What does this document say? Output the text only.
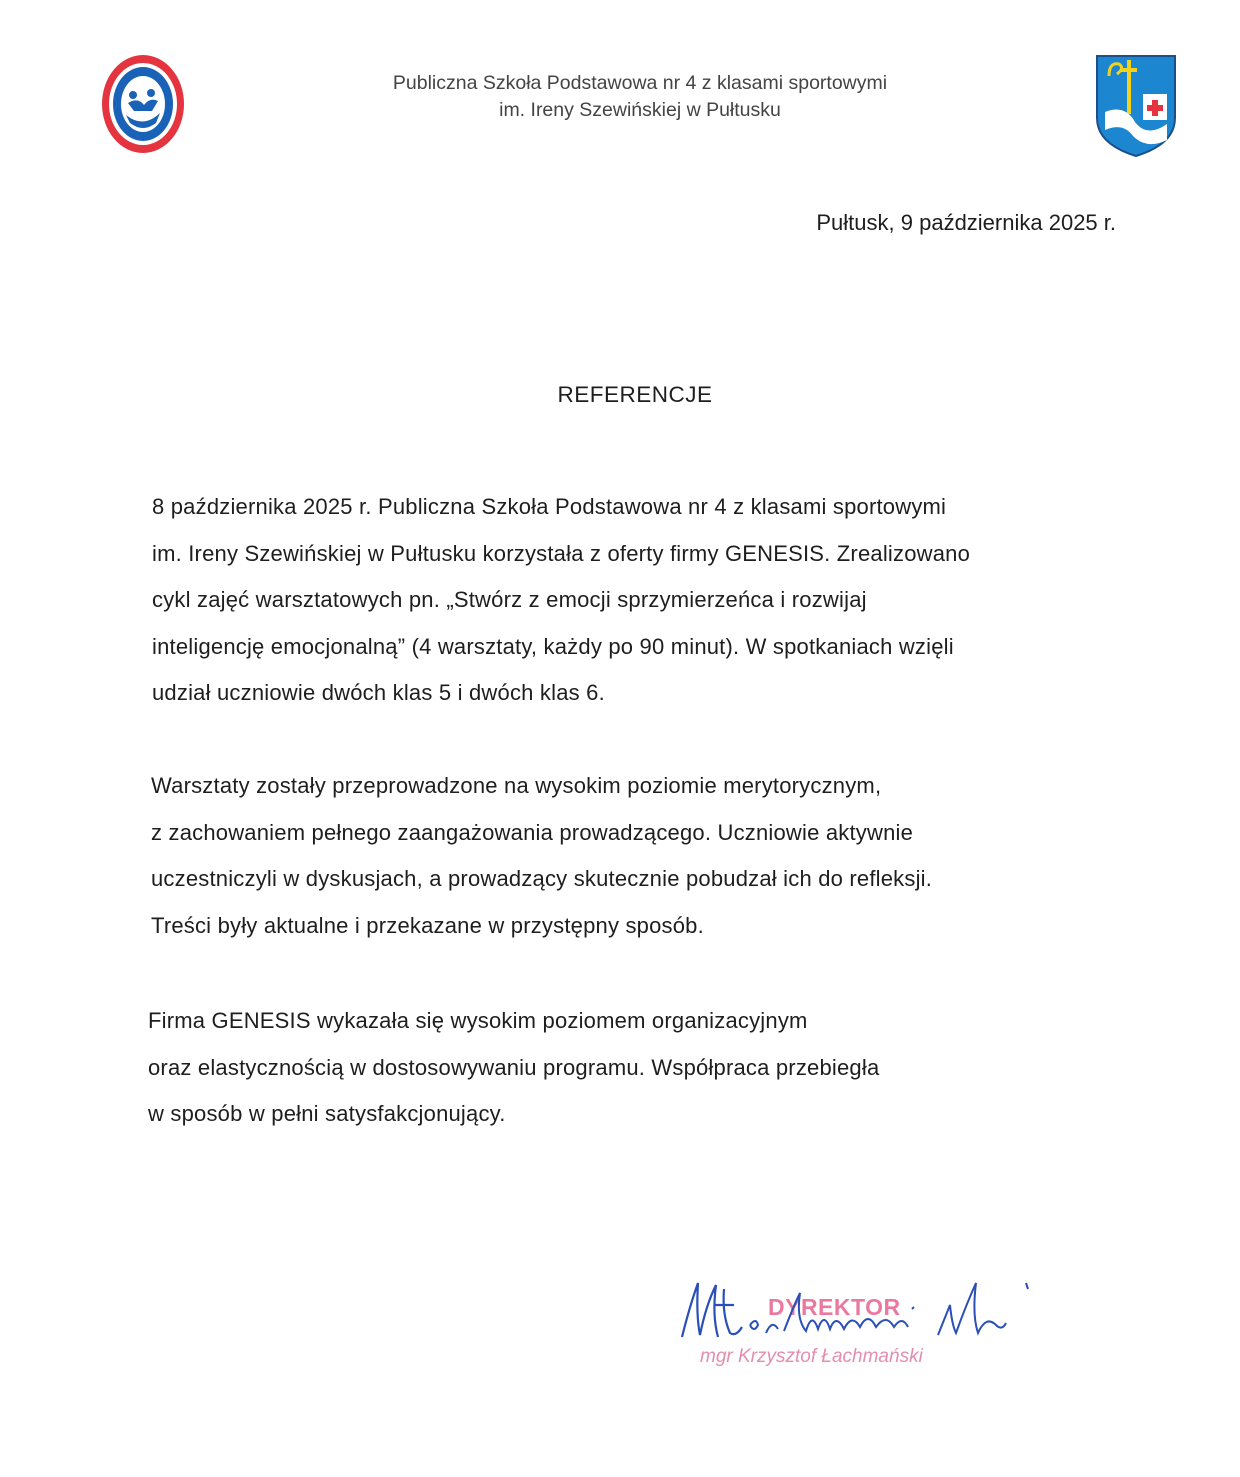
Publiczna Szkoła Podstawowa nr 4 z klasami sportowymi
im. Ireny Szewińskiej w Pułtusku
Pułtusk, 9 października 2025 r.
REFERENCJE
8 października 2025 r. Publiczna Szkoła Podstawowa nr 4 z klasami sportowymi
im. Ireny Szewińskiej w Pułtusku korzystała z oferty firmy GENESIS. Zrealizowano
cykl zajęć warsztatowych pn. „Stwórz z emocji sprzymierzeńca i rozwijaj
inteligencję emocjonalną” (4 warsztaty, każdy po 90 minut). W spotkaniach wzięli
udział uczniowie dwóch klas 5 i dwóch klas 6.
Warsztaty zostały przeprowadzone na wysokim poziomie merytorycznym,
z zachowaniem pełnego zaangażowania prowadzącego. Uczniowie aktywnie
uczestniczyli w dyskusjach, a prowadzący skutecznie pobudzał ich do refleksji.
Treści były aktualne i przekazane w przystępny sposób.
Firma GENESIS wykazała się wysokim poziomem organizacyjnym
oraz elastycznością w dostosowywaniu programu. Współpraca przebiegła
w sposób w pełni satysfakcjonujący.
DYREKTOR
mgr Krzysztof Łachmański
